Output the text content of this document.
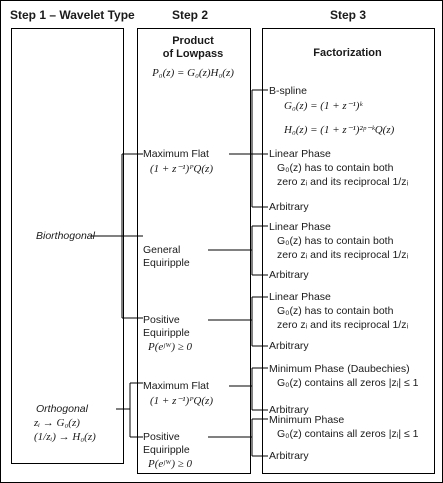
Step 1 – Wavelet Type	Step 2	Step 3
Biorthogonal
Orthogonal
zᵢ → G₀(z)
(1/zᵢ) → H₀(z)
Product
of Lowpass
P₀(z) = G₀(z)H₀(z)
Maximum Flat
(1 + z⁻¹)ᴾQ(z)
General
Equiripple
Positive
Equiripple
P(eʲᵂ) ≥ 0
Maximum Flat
(1 + z⁻¹)ᴾQ(z)
Positive
Equiripple
P(eʲᵂ) ≥ 0
Factorization
B-spline
G₀(z) = (1 + z⁻¹)ᵏ
H₀(z) = (1 + z⁻¹)²ᵖ⁻ᵏQ(z)
Linear Phase
G₀(z) has to contain both
zero zᵢ and its reciprocal 1/zᵢ
Arbitrary
Linear Phase
G₀(z) has to contain both
zero zᵢ and its reciprocal 1/zᵢ
Arbitrary
Linear Phase
G₀(z) has to contain both
zero zᵢ and its reciprocal 1/zᵢ
Arbitrary
Minimum Phase (Daubechies)
G₀(z) contains all zeros |zᵢ| ≤ 1
Arbitrary
Minimum Phase
G₀(z) contains all zeros |zᵢ| ≤ 1
Arbitrary
